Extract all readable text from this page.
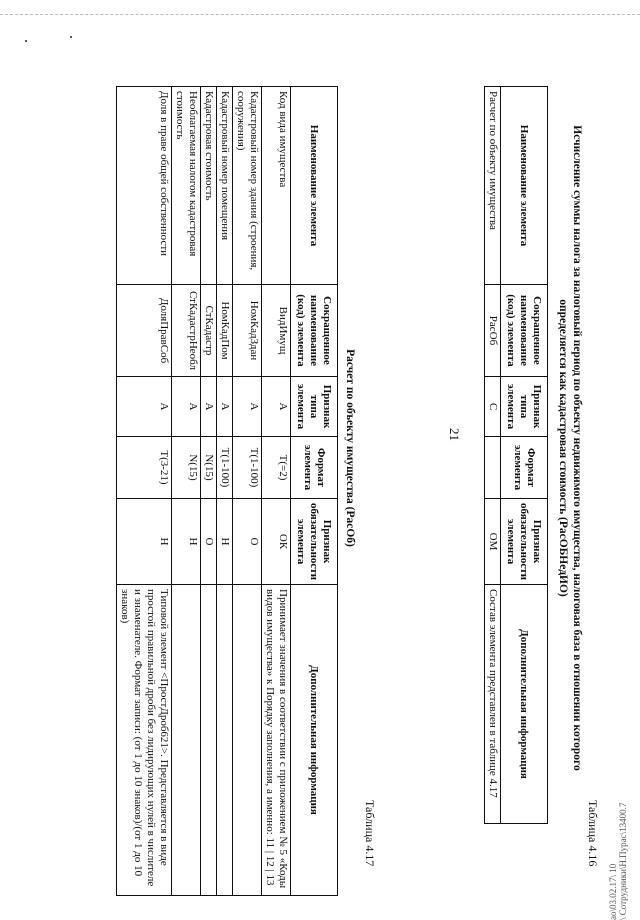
ао\03.02.17\ 10 \ Сотрудники\Н.Пурас\13400.7
21
Таблица 4.16
Исчисление суммы налога за налоговый период по объекту недвижимого имущества, налоговая база в отношении которого
определяется как кадастровая стоимость (РасОБНедИО)
Наименование элемента	Сокращенное наименование (код) элемента	Признак типа элемента	Формат элемента	Признак обязательности элемента	Дополнительная информация
Расчет по объекту имущества	РасОб	С		ОМ	Состав элемента представлен в таблице 4.17
Таблица 4.17
Расчет по объекту имущества (РасОб)
Наименование элемента	Сокращенное наименование (код) элемента	Признак типа элемента	Формат элемента	Признак обязательности элемента	Дополнительная информация
Код вида имущества	ВидИмущ	А	T(=2)	ОК	Принимает значения в соответствии с приложением № 5 «Коды видов имущества» к Порядку заполнения, а именно: 11 | 12 | 13
Кадастровый номер здания (строения, сооружения)	НомКадЗдан	А	T(1-100)	О	
Кадастровый номер помещения	НомКадПом	А	T(1-100)	Н	
Кадастровая стоимость	СтКадастр	А	N(15)	О	
Необлагаемая налогом кадастровая стоимость	СтКадастрНеобл	А	N(15)	Н	
Доля в праве общей собственности	ДоляПравСоб	А	T(3-21)	Н	Типовой элемент <ПростДроб621>. Представляется в виде простой правильной дроби без лидирующих нулей в числителе и знаменателе. Формат записи: (от 1 до 10 знаков)/(от 1 до 10 знаков)
